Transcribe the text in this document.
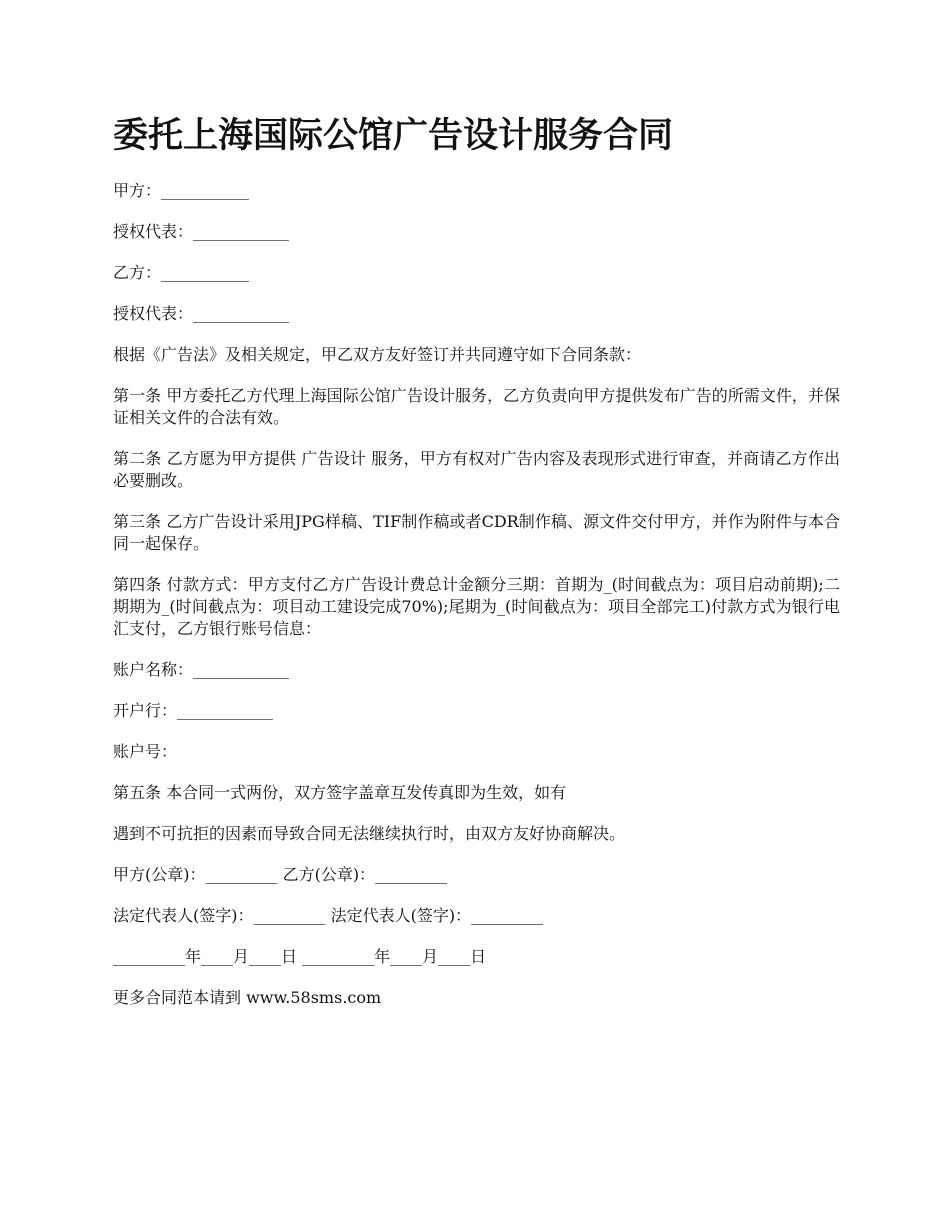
委托上海国际公馆广告设计服务合同

甲方：___________

授权代表：____________

乙方：___________

授权代表：____________

根据《广告法》及相关规定，甲乙双方友好签订并共同遵守如下合同条款：

第一条 甲方委托乙方代理上海国际公馆广告设计服务，乙方负责向甲方提供发布广告的所需文件，并保证相关文件的合法有效。

第二条 乙方愿为甲方提供 广告设计 服务，甲方有权对广告内容及表现形式进行审查，并商请乙方作出必要删改。

第三条 乙方广告设计采用JPG样稿、TIF制作稿或者CDR制作稿、源文件交付甲方，并作为附件与本合同一起保存。

第四条 付款方式：甲方支付乙方广告设计费总计金额分三期：首期为_(时间截点为：项目启动前期);二期期为_(时间截点为：项目动工建设完成70%);尾期为_(时间截点为：项目全部完工)付款方式为银行电汇支付，乙方银行账号信息：

账户名称：____________

开户行：____________

账户号：

第五条 本合同一式两份，双方签字盖章互发传真即为生效，如有

遇到不可抗拒的因素而导致合同无法继续执行时，由双方友好协商解决。

甲方(公章)：_________ 乙方(公章)：_________

法定代表人(签字)：_________ 法定代表人(签字)：_________

_________年____月____日 _________年____月____日

更多合同范本请到 www.58sms.com
